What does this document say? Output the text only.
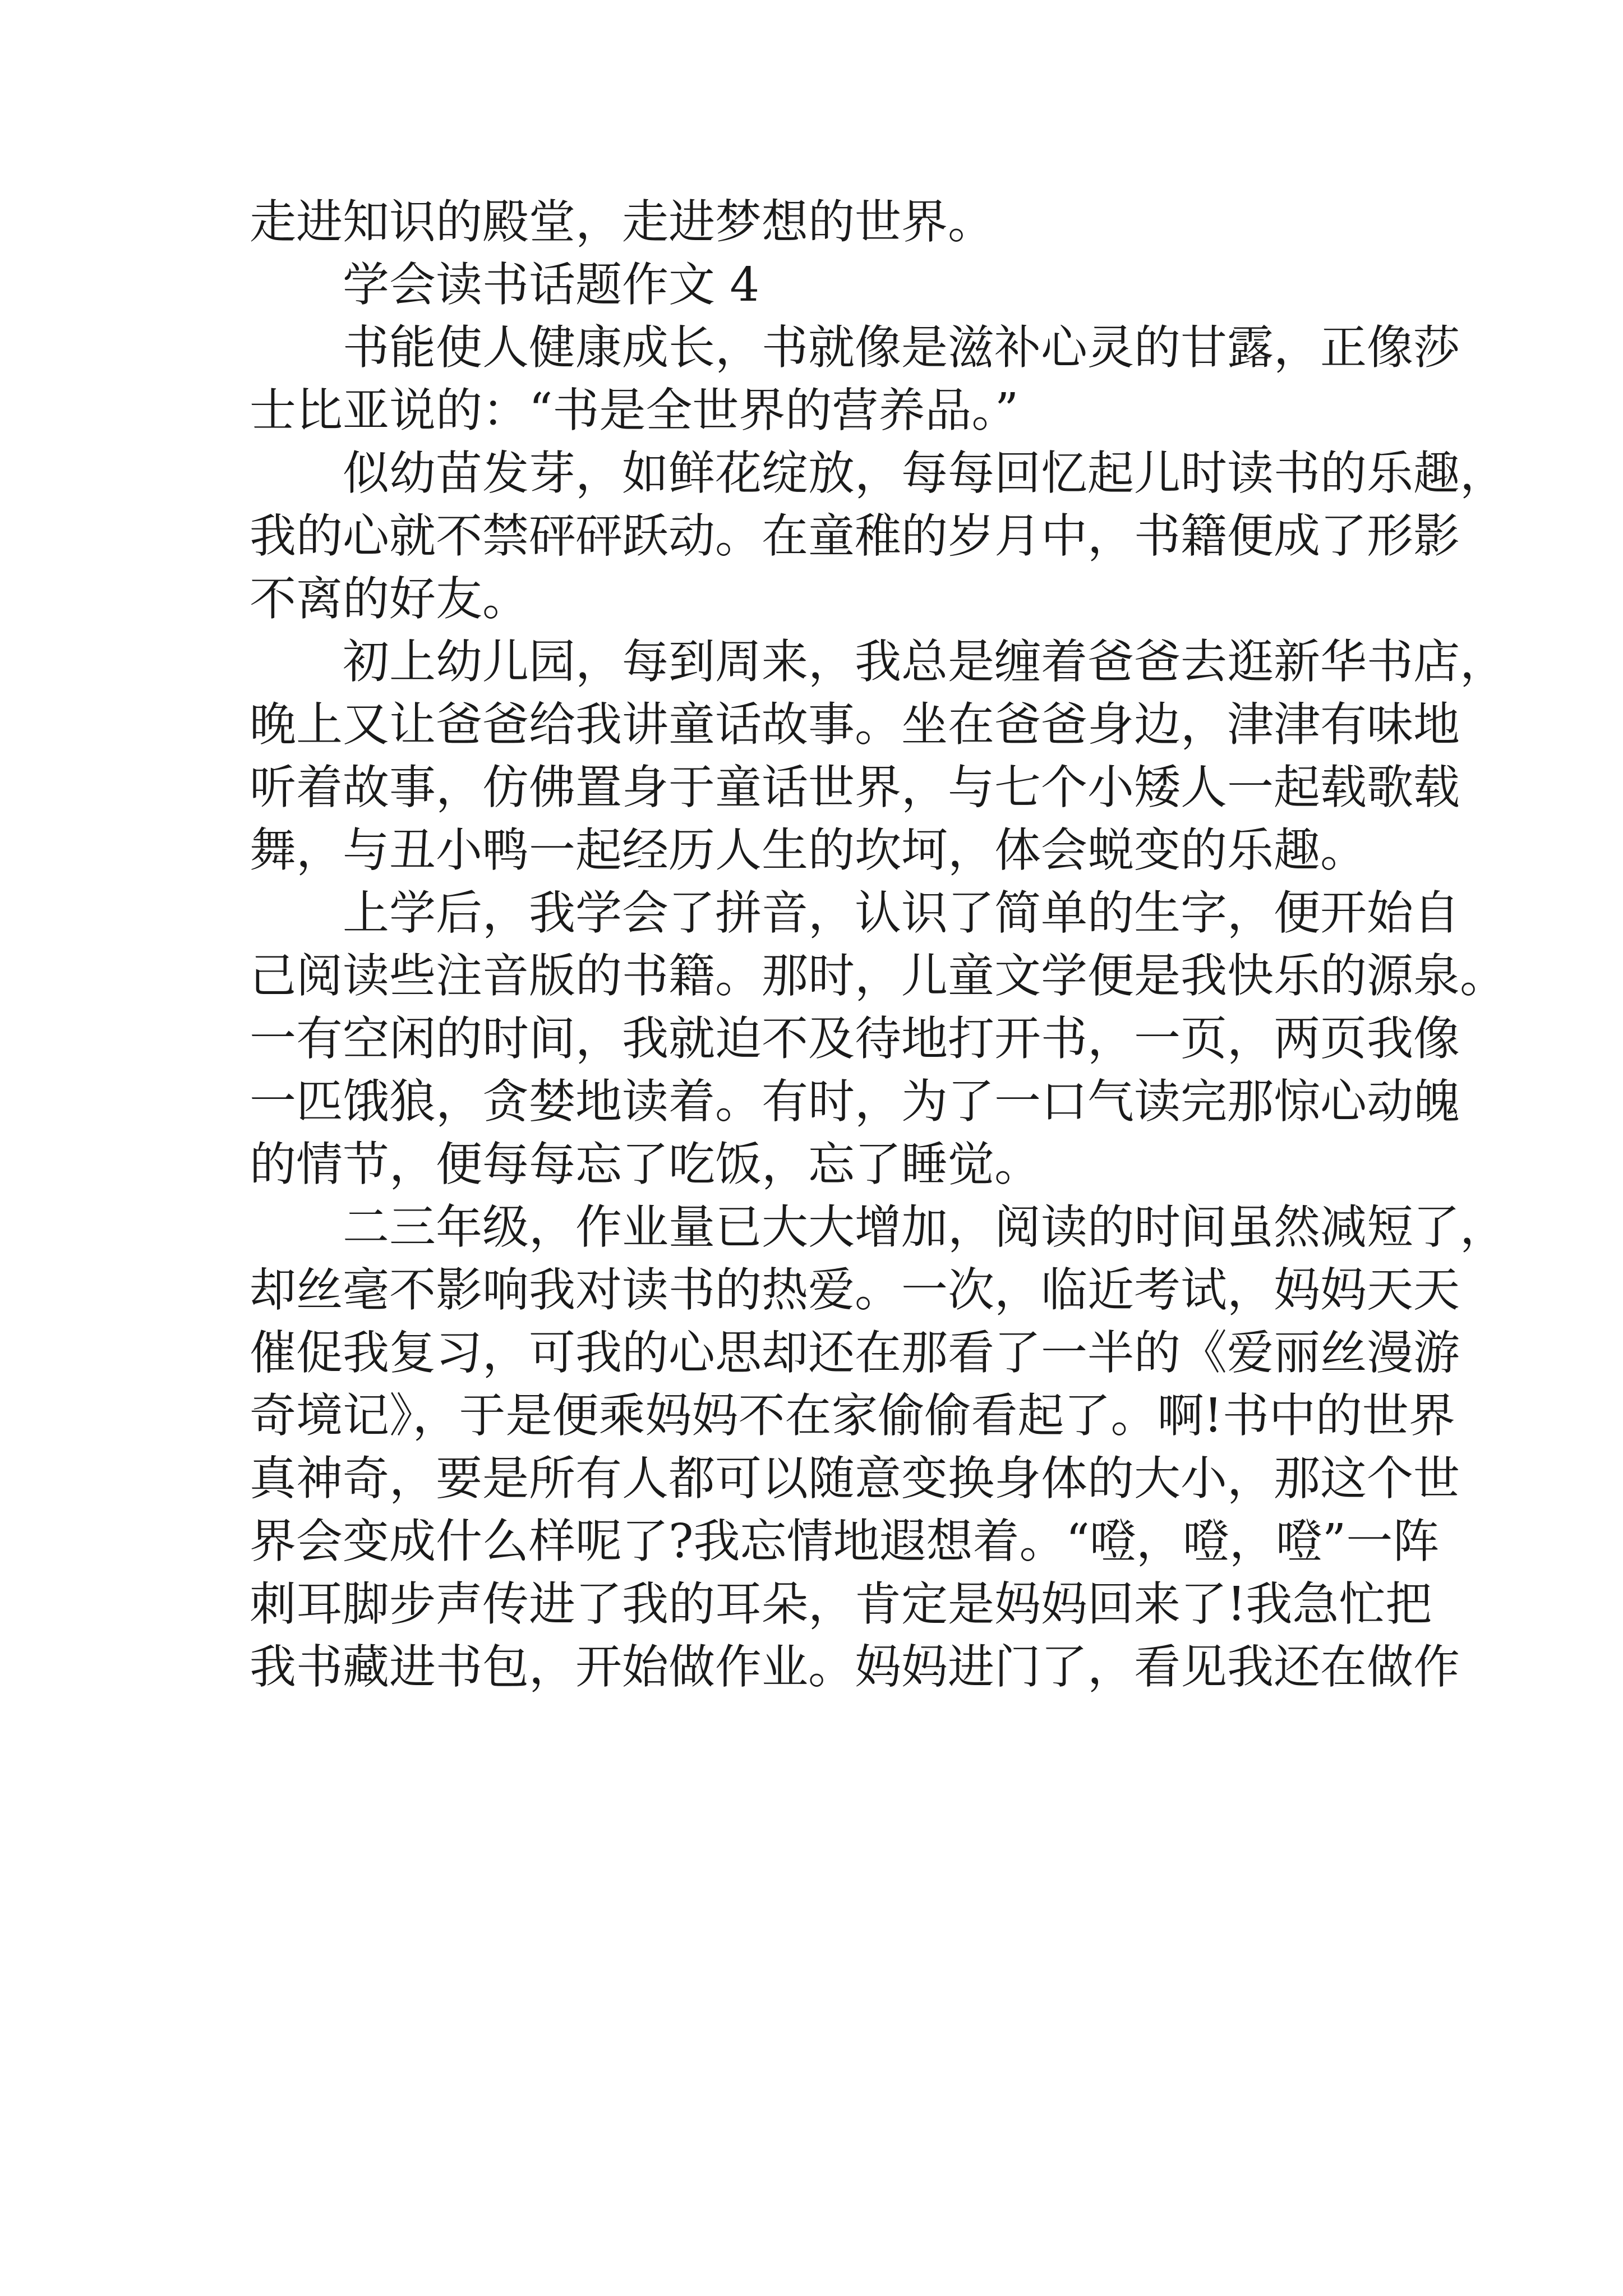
走进知识的殿堂，走进梦想的世界。
学会读书话题作文 4
书能使人健康成长，书就像是滋补心灵的甘露，正像莎
士比亚说的：“书是全世界的营养品。”
似幼苗发芽，如鲜花绽放，每每回忆起儿时读书的乐趣，
我的心就不禁砰砰跃动。在童稚的岁月中，书籍便成了形影
不离的好友。
初上幼儿园，每到周来，我总是缠着爸爸去逛新华书店，
晚上又让爸爸给我讲童话故事。坐在爸爸身边，津津有味地
听着故事，仿佛置身于童话世界，与七个小矮人一起载歌载
舞，与丑小鸭一起经历人生的坎坷，体会蜕变的乐趣。
上学后，我学会了拼音，认识了简单的生字，便开始自
己阅读些注音版的书籍。那时，儿童文学便是我快乐的源泉。
一有空闲的时间，我就迫不及待地打开书，一页，两页我像
一匹饿狼，贪婪地读着。有时，为了一口气读完那惊心动魄
的情节，便每每忘了吃饭，忘了睡觉。
二三年级，作业量已大大增加，阅读的时间虽然减短了，
却丝毫不影响我对读书的热爱。一次，临近考试，妈妈天天
催促我复习，可我的心思却还在那看了一半的《爱丽丝漫游
奇境记》，于是便乘妈妈不在家偷偷看起了。啊!书中的世界
真神奇，要是所有人都可以随意变换身体的大小，那这个世
界会变成什么样呢了?我忘情地遐想着。“噔，噔，噔”一阵
刺耳脚步声传进了我的耳朵，肯定是妈妈回来了!我急忙把
我书藏进书包，开始做作业。妈妈进门了，看见我还在做作
